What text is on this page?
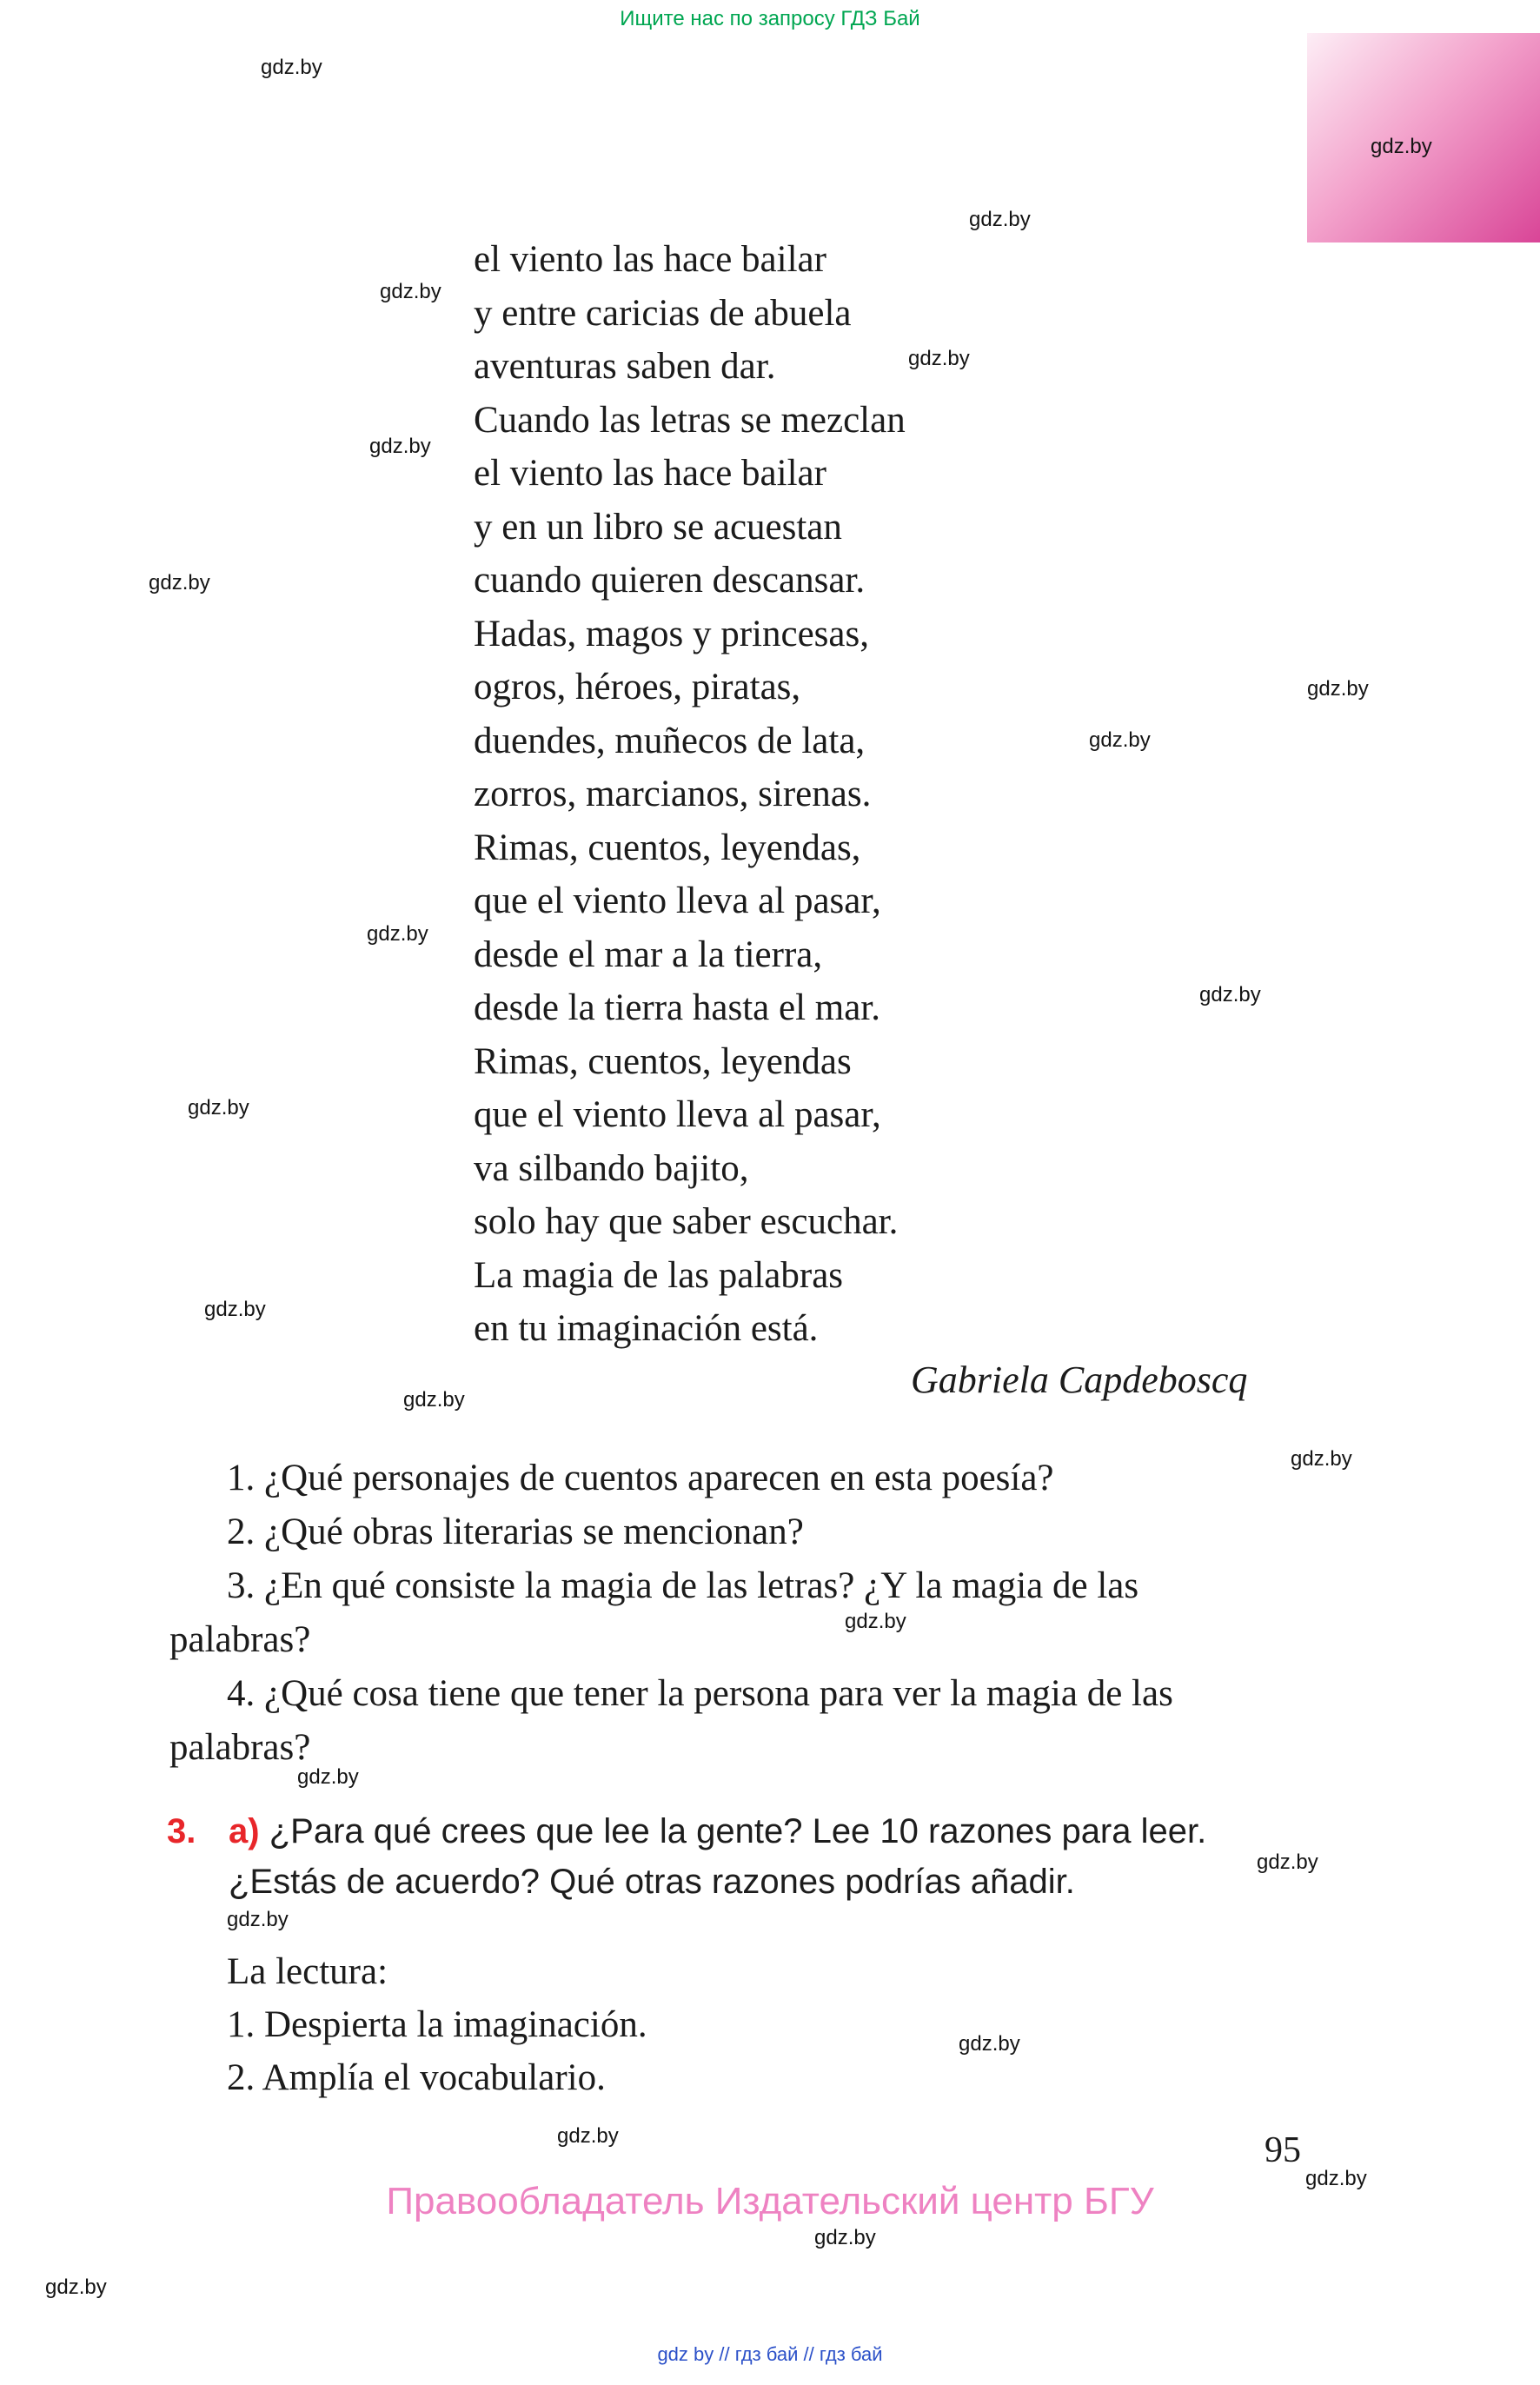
Ищите нас по запросу ГДЗ Бай
gdz.by
gdz.by
gdz.by
gdz.by
gdz.by
gdz.by
gdz.by
gdz.by
gdz.by
gdz.by
gdz.by
gdz.by
gdz.by
gdz.by
gdz.by
gdz.by
gdz.by
gdz.by
gdz.by
gdz.by
gdz.by
gdz.by
gdz.by
gdz.by
el viento las hace bailar
y entre caricias de abuela
aventuras saben dar.
Cuando las letras se mezclan
el viento las hace bailar
y en un libro se acuestan
cuando quieren descansar.
Hadas, magos y princesas,
ogros, héroes, piratas,
duendes, muñecos de lata,
zorros, marcianos, sirenas.
Rimas, cuentos, leyendas,
que el viento lleva al pasar,
desde el mar a la tierra,
desde la tierra hasta el mar.
Rimas, cuentos, leyendas
que el viento lleva al pasar,
va silbando bajito,
solo hay que saber escuchar.
La magia de las palabras
en tu imaginación está.
Gabriela Capdeboscq

1. ¿Qué personajes de cuentos aparecen en esta poesía?

2. ¿Qué obras literarias se mencionan?

3. ¿En qué consiste la magia de las letras? ¿Y la magia de las palabras?

4. ¿Qué cosa tiene que tener la persona para ver la magia de las palabras?

3. a) ¿Para qué crees que lee la gente? Lee 10 razones para leer. ¿Estás de acuerdo? Qué otras razones podrías añadir.

La lectura:
1. Despierta la imaginación.
2. Amplía el vocabulario.
95
Правообладатель Издательский центр БГУ
gdz by // гдз бай // гдз бай
